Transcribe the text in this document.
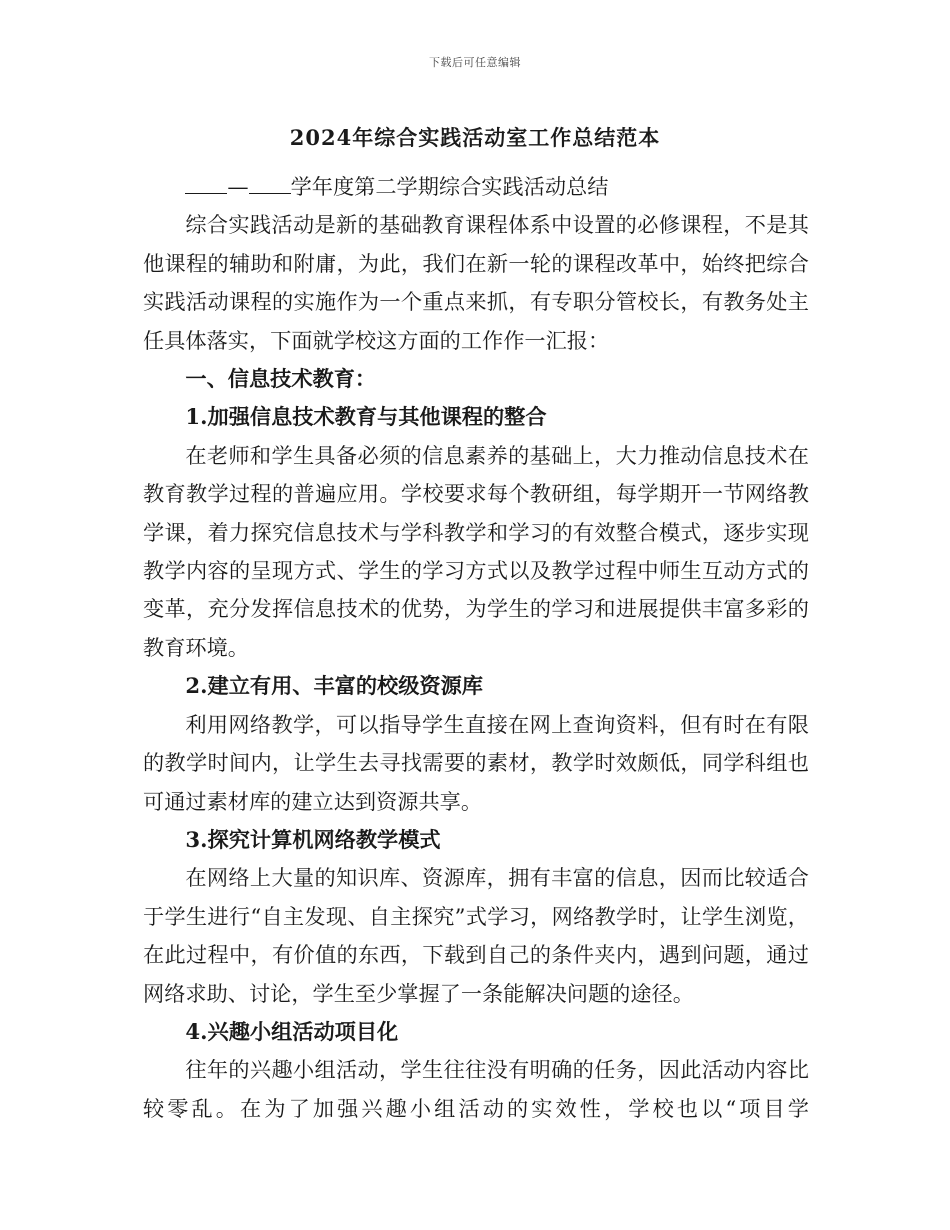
下载后可任意编辑
2024年综合实践活动室工作总结范本

— 学年度第二学期综合实践活动总结

综合实践活动是新的基础教育课程体系中设置的必修课程，不是其他课程的辅助和附庸，为此，我们在新一轮的课程改革中，始终把综合实践活动课程的实施作为一个重点来抓，有专职分管校长，有教务处主任具体落实，下面就学校这方面的工作作一汇报：

一、信息技术教育：

1.加强信息技术教育与其他课程的整合

在老师和学生具备必须的信息素养的基础上，大力推动信息技术在教育教学过程的普遍应用。学校要求每个教研组，每学期开一节网络教学课，着力探究信息技术与学科教学和学习的有效整合模式，逐步实现教学内容的呈现方式、学生的学习方式以及教学过程中师生互动方式的变革，充分发挥信息技术的优势，为学生的学习和进展提供丰富多彩的教育环境。

2.建立有用、丰富的校级资源库

利用网络教学，可以指导学生直接在网上查询资料，但有时在有限的教学时间内，让学生去寻找需要的素材，教学时效颇低，同学科组也可通过素材库的建立达到资源共享。

3.探究计算机网络教学模式

在网络上大量的知识库、资源库，拥有丰富的信息，因而比较适合于学生进行“自主发现、自主探究”式学习，网络教学时，让学生浏览，在此过程中，有价值的东西，下载到自己的条件夹内，遇到问题，通过网络求助、讨论，学生至少掌握了一条能解决问题的途径。

4.兴趣小组活动项目化

往年的兴趣小组活动，学生往往没有明确的任务，因此活动内容比较零乱。在为了加强兴趣小组活动的实效性，学校也以“项目学
